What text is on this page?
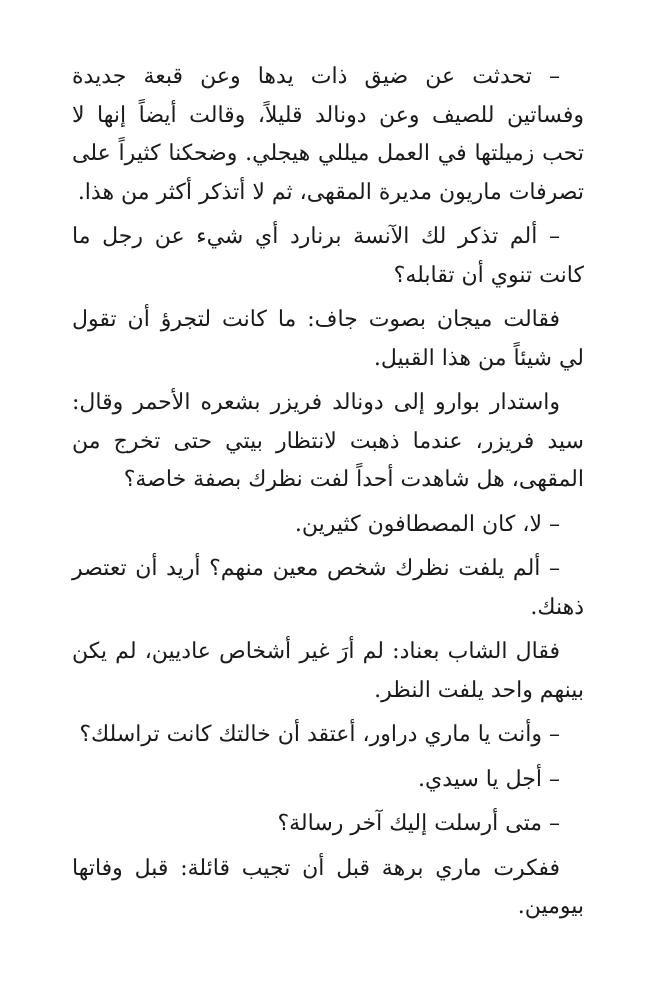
– تحدثت عن ضيق ذات يدها وعن قبعة جديدة وفساتين للصيف وعن دونالد قليلاً، وقالت أيضاً إنها لا تحب زميلتها في العمل ميللي هيجلي. وضحكنا كثيراً على تصرفات ماريون مديرة المقهى، ثم لا أتذكر أكثر من هذا.

– ألم تذكر لك الآنسة برنارد أي شيء عن رجل ما كانت تنوي أن تقابله؟

فقالت ميجان بصوت جاف: ما كانت لتجرؤ أن تقول لي شيئاً من هذا القبيل.

واستدار بوارو إلى دونالد فريزر بشعره الأحمر وقال: سيد فريزر، عندما ذهبت لانتظار بيتي حتى تخرج من المقهى، هل شاهدت أحداً لفت نظرك بصفة خاصة؟

– لا، كان المصطافون كثيرين.

– ألم يلفت نظرك شخص معين منهم؟ أريد أن تعتصر ذهنك.

فقال الشاب بعناد: لم أرَ غير أشخاص عاديين، لم يكن بينهم واحد يلفت النظر.

– وأنت يا ماري دراور، أعتقد أن خالتك كانت تراسلك؟

– أجل يا سيدي.

– متى أرسلت إليك آخر رسالة؟

ففكرت ماري برهة قبل أن تجيب قائلة: قبل وفاتها بيومين.
